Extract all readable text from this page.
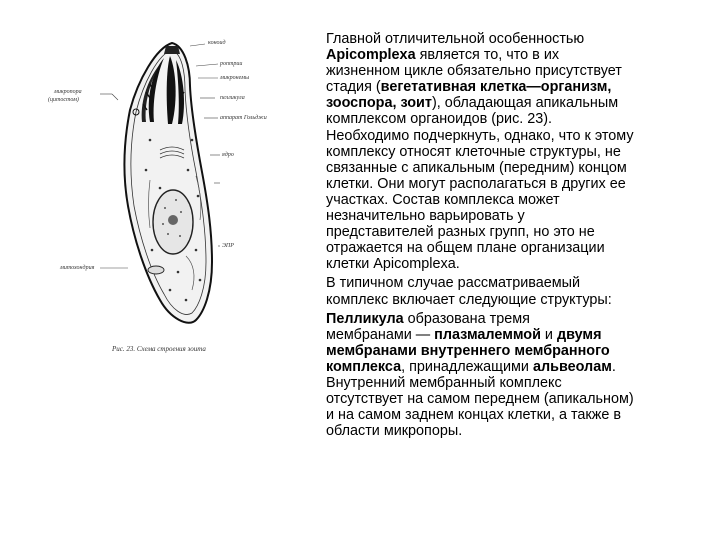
коноид
роптрии
микронемы
микропора
(цитостом)	пелликула
аппарат Гольджи
ядро
митохондрия
ЭПР
Рис. 23. Схема строения зоита

Главной отличительной особенностью
Apicomplexa является то, что в их
жизненном цикле обязательно присутствует
стадия (вегетативная клетка—организм,
зооспора, зоит), обладающая апикальным
комплексом органоидов (рис. 23).
Необходимо подчеркнуть, однако, что к этому
комплексу относят клеточные структуры, не
связанные с апикальным (передним) концом
клетки. Они могут располагаться в других ее
участках. Состав комплекса может
незначительно варьировать у
представителей разных групп, но это не
отражается на общем плане организации
клетки Apicomplexa.

В типичном случае рассматриваемый
комплекс включает следующие структуры:

Пелликула образована тремя
мембранами — плазмалеммой и двумя
мембранами внутреннего мембранного
комплекса, принадлежащими альвеолам.
Внутренний мембранный комплекс
отсутствует на самом переднем (апикальном)
и на самом заднем концах клетки, а также в
области микропоры.
